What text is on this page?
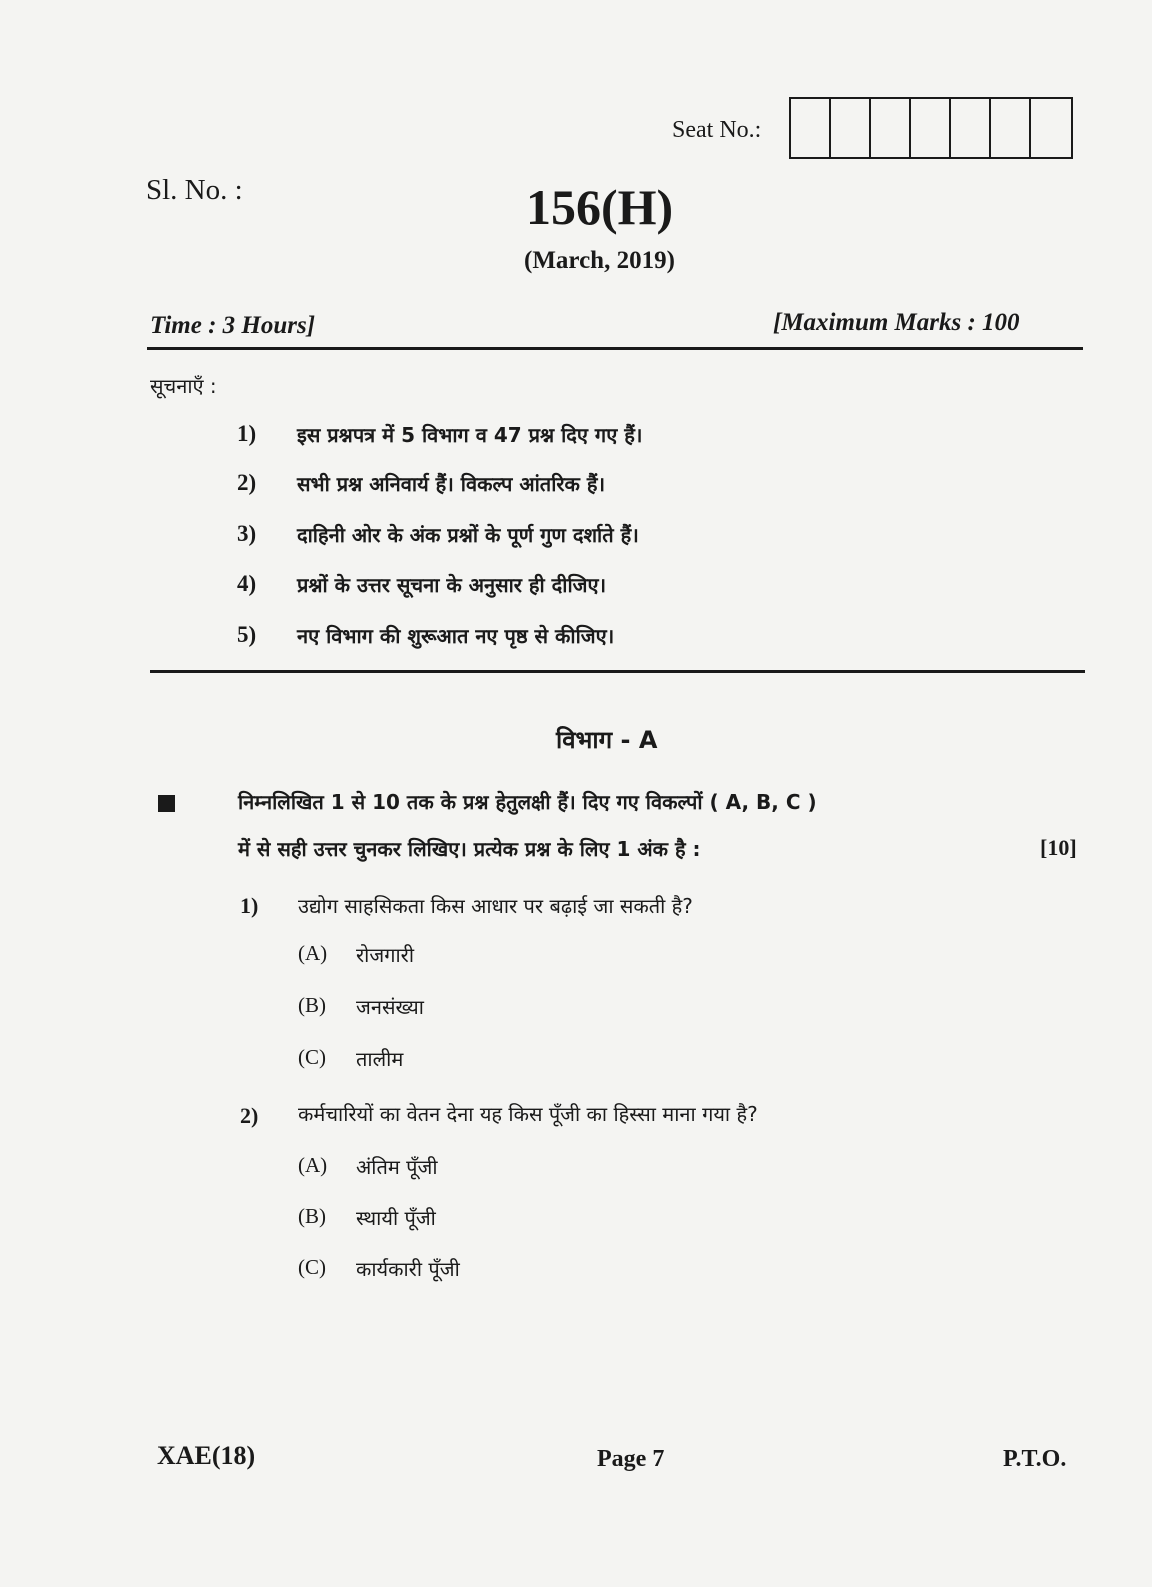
Seat No.:
Sl. No. :	156(H)
(March, 2019)
Time : 3 Hours]	[Maximum Marks : 100
सूचनाएँ :
1)	इस प्रश्नपत्र में 5 विभाग व 47 प्रश्न दिए गए हैं।
2)	सभी प्रश्न अनिवार्य हैं। विकल्प आंतरिक हैं।
3)	दाहिनी ओर के अंक प्रश्नों के पूर्ण गुण दर्शाते हैं।
4)	प्रश्नों के उत्तर सूचना के अनुसार ही दीजिए।
5)	नए विभाग की शुरूआत नए पृष्ठ से कीजिए।
विभाग - A
निम्नलिखित 1 से 10 तक के प्रश्न हेतुलक्षी हैं। दिए गए विकल्पों ( A, B, C )
में से सही उत्तर चुनकर लिखिए। प्रत्येक प्रश्न के लिए 1 अंक है :	[10]
1) उद्योग साहसिकता किस आधार पर बढ़ाई जा सकती है?
(A)	रोजगारी
(B)	जनसंख्या
(C)	तालीम
2) कर्मचारियों का वेतन देना यह किस पूँजी का हिस्सा माना गया है?
(A)	अंतिम पूँजी
(B)	स्थायी पूँजी
(C)	कार्यकारी पूँजी
XAE(18)	Page 7	P.T.O.
